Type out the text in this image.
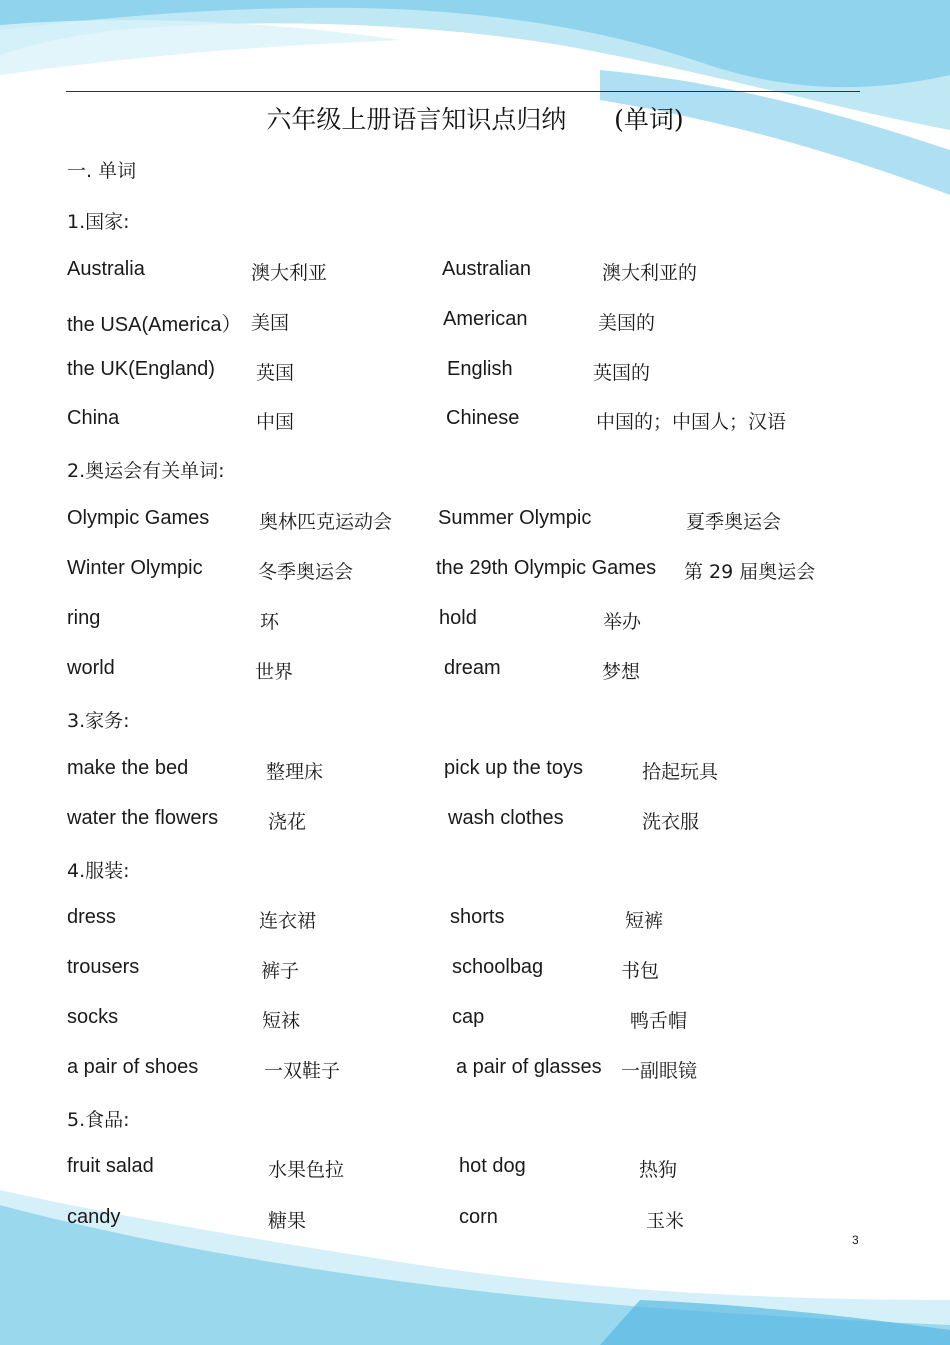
六年级上册语言知识点归纳      (单词)
一. 单词
1.国家:
Australia	澳大利亚	Australian	澳大利亚的
the USA(America） 美国	American	美国的
the UK(England) 英国	English	英国的
China	中国	Chinese	中国的；中国人；汉语
2.奥运会有关单词:
Olympic Games	奥林匹克运动会 Summer Olympic	夏季奥运会
Winter Olympic	冬季奥运会	the 29th Olympic Games 第 29 届奥运会
ring	环	hold	举办
world	世界	dream	梦想
3.家务:
make the bed	整理床	pick up the toys	拾起玩具
water the flowers	浇花	wash clothes	洗衣服
4.服装:
dress	连衣裙	shorts	短裤
trousers	裤子	schoolbag	书包
socks	短袜	cap	鸭舌帽
a pair of shoes	一双鞋子	a pair of glasses 一副眼镜
5.食品:
fruit salad	水果色拉	hot dog	热狗
candy	糖果	corn	玉米
3
